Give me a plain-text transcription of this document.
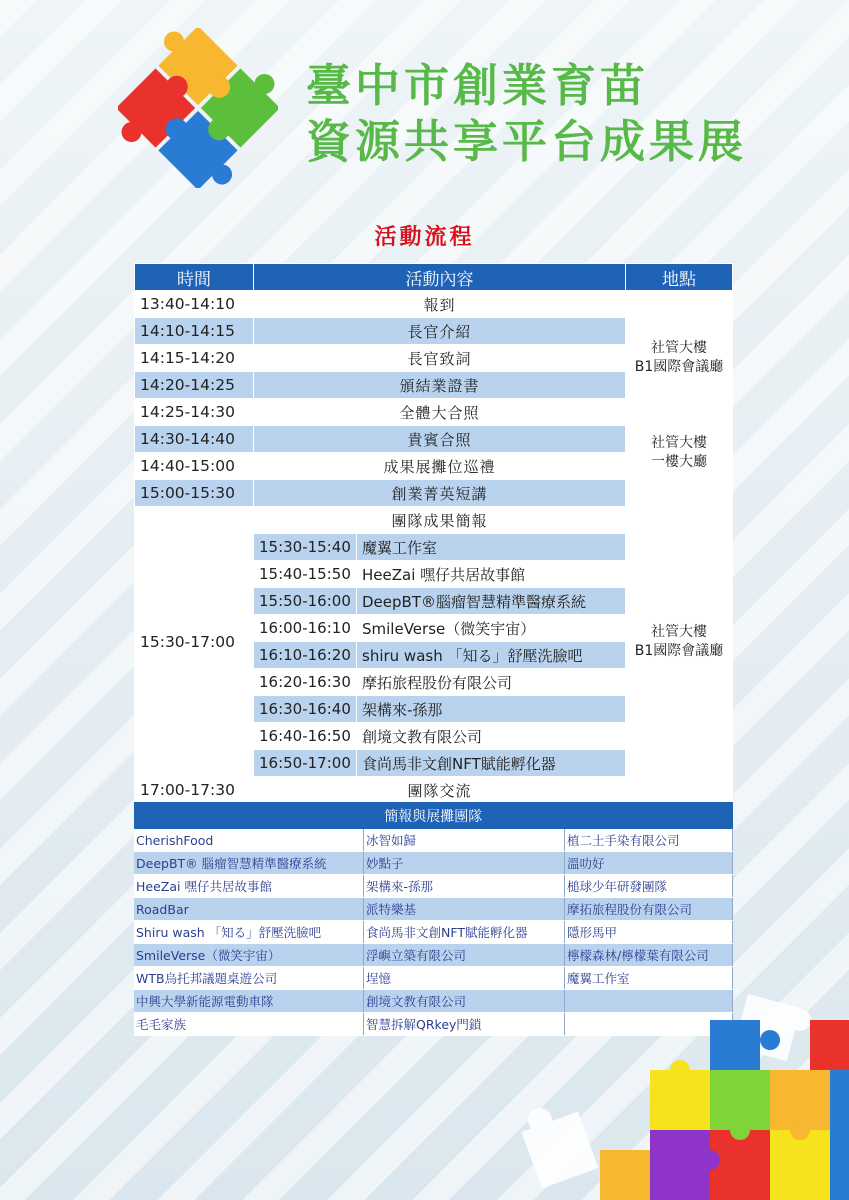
臺中市創業育苗
資源共享平台成果展
活動流程
時間	活動內容		地點
13:40-14:10	報到		社管大樓
B1國際會議廳
14:10-14:15	長官介紹		
14:15-14:20	長官致詞		
14:20-14:25	頒結業證書		
14:25-14:30	全體大合照		
14:30-14:40	貴賓合照		社管大樓
一樓大廳
14:40-15:00	成果展攤位巡禮		
15:00-15:30	創業菁英短講		社管大樓
B1國際會議廳
15:30-17:00	團隊成果簡報		
	15:30-15:40	魔翼工作室	
	15:40-15:50	HeeZai 嘿仔共居故事館	
	15:50-16:00	DeepBT®腦瘤智慧精準醫療系統	
	16:00-16:10	SmileVerse（微笑宇宙）	
	16:10-16:20	shiru wash 「知る」舒壓洗臉吧	
	16:20-16:30	摩拓旅程股份有限公司	
	16:30-16:40	架構來-孫那	
	16:40-16:50	創境文教有限公司	
	16:50-17:00	食尚馬非文創NFT賦能孵化器	
17:00-17:30	團隊交流		
簡報與展攤團隊		
CherishFood	冰智如歸	植二土手染有限公司
DeepBT® 腦瘤智慧精準醫療系統	妙點子	溫叻好
HeeZai 嘿仔共居故事館	架構來-孫那	槌球少年研發團隊
RoadBar	派特樂基	摩拓旅程股份有限公司
Shiru wash 「知る」舒壓洗臉吧	食尚馬非文創NFT賦能孵化器	隱形馬甲
SmileVerse（微笑宇宙）	浮嶼立築有限公司	檸檬森林/檸檬葉有限公司
WTB烏托邦議題桌遊公司	埕憶	魔翼工作室
中興大學新能源電動車隊	創境文教有限公司	
毛毛家族	智慧拆解QRkey門鎖	
